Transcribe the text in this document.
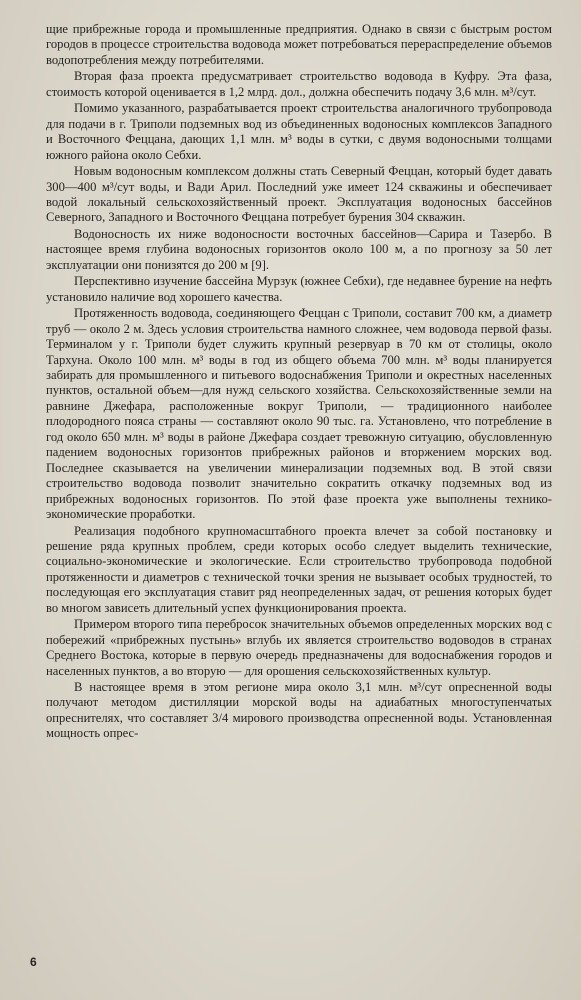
щие прибрежные города и промышленные предприятия. Однако в связи с быстрым ростом городов в процессе строительства водовода может потребоваться перераспределение объемов водопотребления между потребителями.

Вторая фаза проекта предусматривает строительство водовода в Куфру. Эта фаза, стоимость которой оценивается в 1,2 млрд. дол., должна обеспечить подачу 3,6 млн. м³/сут.

Помимо указанного, разрабатывается проект строительства аналогичного трубопровода для подачи в г. Триполи подземных вод из объединенных водоносных комплексов Западного и Восточного Феццана, дающих 1,1 млн. м³ воды в сутки, с двумя водоносными толщами южного района около Себхи.

Новым водоносным комплексом должны стать Северный Феццан, который будет давать 300—400 м³/сут воды, и Вади Арил. Последний уже имеет 124 скважины и обеспечивает водой локальный сельскохозяйственный проект. Эксплуатация водоносных бассейнов Северного, Западного и Восточного Феццана потребует бурения 304 скважин.

Водоносность их ниже водоносности восточных бассейнов—Сарира и Тазербо. В настоящее время глубина водоносных горизонтов около 100 м, а по прогнозу за 50 лет эксплуатации они понизятся до 200 м [9].

Перспективно изучение бассейна Мурзук (южнее Себхи), где недавнее бурение на нефть установило наличие вод хорошего качества.

Протяженность водовода, соединяющего Феццан с Триполи, составит 700 км, а диаметр труб — около 2 м. Здесь условия строительства намного сложнее, чем водовода первой фазы. Терминалом у г. Триполи будет служить крупный резервуар в 70 км от столицы, около Тархуна. Около 100 млн. м³ воды в год из общего объема 700 млн. м³ воды планируется забирать для промышленного и питьевого водоснабжения Триполи и окрестных населенных пунктов, остальной объем—для нужд сельского хозяйства. Сельскохозяйственные земли на равнине Джефара, расположенные вокруг Триполи, — традиционного наиболее плодородного пояса страны — составляют около 90 тыс. га. Установлено, что потребление в год около 650 млн. м³ воды в районе Джефара создает тревожную ситуацию, обусловленную падением водоносных горизонтов прибрежных районов и вторжением морских вод. Последнее сказывается на увеличении минерализации подземных вод. В этой связи строительство водовода позволит значительно сократить откачку подземных вод из прибрежных водоносных горизонтов. По этой фазе проекта уже выполнены технико-экономические проработки.

Реализация подобного крупномасштабного проекта влечет за собой постановку и решение ряда крупных проблем, среди которых особо следует выделить технические, социально-экономические и экологические. Если строительство трубопровода подобной протяженности и диаметров с технической точки зрения не вызывает особых трудностей, то последующая его эксплуатация ставит ряд неопределенных задач, от решения которых будет во многом зависеть длительный успех функционирования проекта.

Примером второго типа перебросок значительных объемов определенных морских вод с побережий «прибрежных пустынь» вглубь их является строительство водоводов в странах Среднего Востока, которые в первую очередь предназначены для водоснабжения городов и населенных пунктов, а во вторую — для орошения сельскохозяйственных культур.

В настоящее время в этом регионе мира около 3,1 млн. м³/сут опресненной воды получают методом дистилляции морской воды на адиабатных многоступенчатых опреснителях, что составляет 3/4 мирового производства опресненной воды. Установленная мощность опрес-

6
